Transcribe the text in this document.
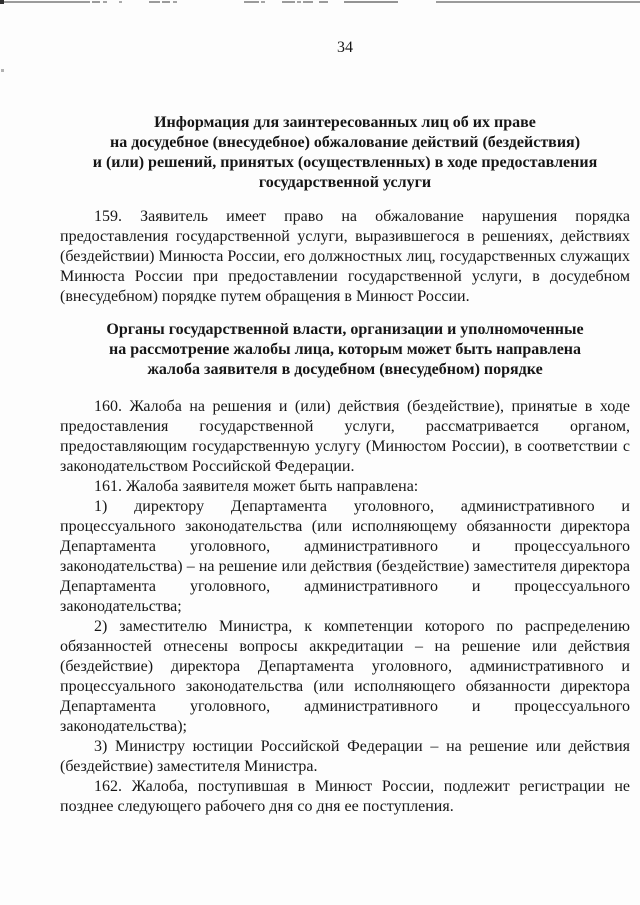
34
Информация для заинтересованных лиц об их праве
на досудебное (внесудебное) обжалование действий (бездействия)
и (или) решений, принятых (осуществленных) в ходе предоставления
государственной услуги

159. Заявитель имеет право на обжалование нарушения порядка предоставления государственной услуги, выразившегося в решениях, действиях (бездействии) Минюста России, его должностных лиц, государственных служащих Минюста России при предоставлении государственной услуги, в досудебном (внесудебном) порядке путем обращения в Минюст России.

Органы государственной власти, организации и уполномоченные
на рассмотрение жалобы лица, которым может быть направлена
жалоба заявителя в досудебном (внесудебном) порядке

160. Жалоба на решения и (или) действия (бездействие), принятые в ходе предоставления государственной услуги, рассматривается органом, предоставляющим государственную услугу (Минюстом России), в соответствии с законодательством Российской Федерации.

161. Жалоба заявителя может быть направлена:

1) директору Департамента уголовного, административного и процессуального законодательства (или исполняющему обязанности директора Департамента уголовного, административного и процессуального законодательства) – на решение или действия (бездействие) заместителя директора Департамента уголовного, административного и процессуального законодательства;

2) заместителю Министра, к компетенции которого по распределению обязанностей отнесены вопросы аккредитации – на решение или действия (бездействие) директора Департамента уголовного, административного и процессуального законодательства (или исполняющего обязанности директора Департамента уголовного, административного и процессуального законодательства);

3) Министру юстиции Российской Федерации – на решение или действия (бездействие) заместителя Министра.

162. Жалоба, поступившая в Минюст России, подлежит регистрации не позднее следующего рабочего дня со дня ее поступления.
